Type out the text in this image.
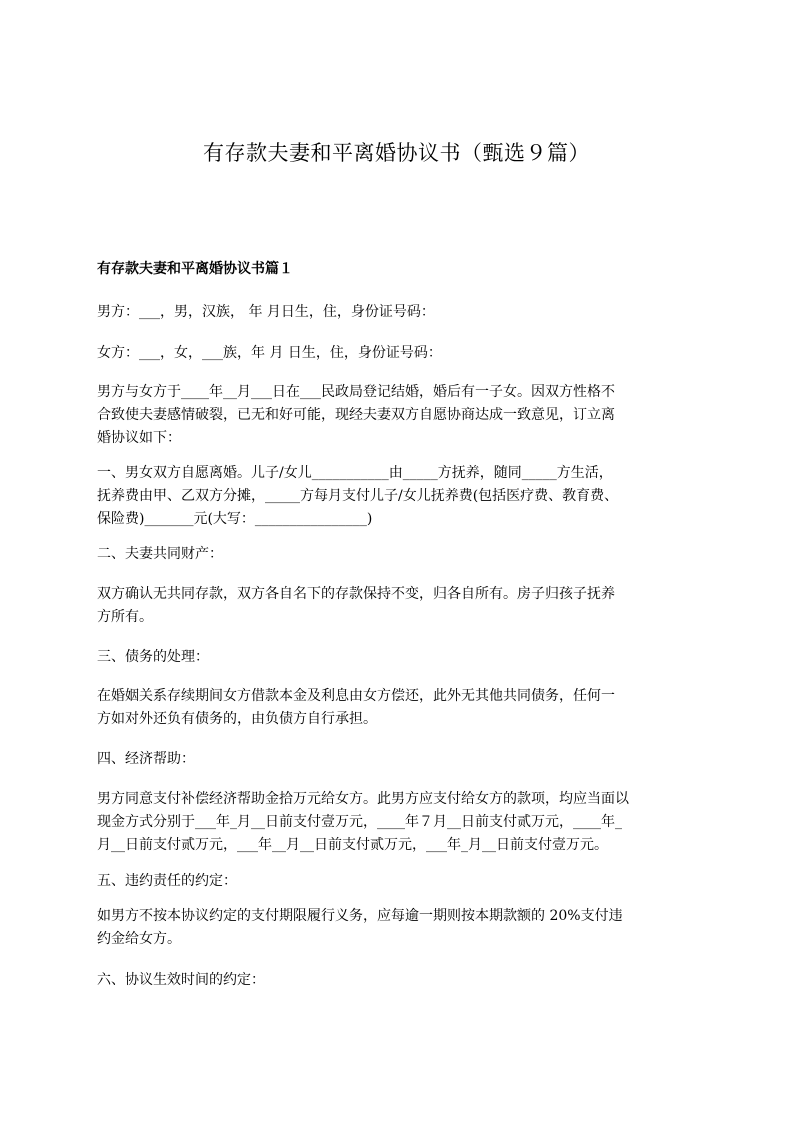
有存款夫妻和平离婚协议书（甄选９篇）
有存款夫妻和平离婚协议书篇１
男方：___，男，汉族， 年 月日生，住，身份证号码：
女方：___，女，___族，年 月 日生，住，身份证号码：
男方与女方于____年__月___日在___民政局登记结婚，婚后有一子女。因双方性格不
合致使夫妻感情破裂，已无和好可能，现经夫妻双方自愿协商达成一致意见，订立离
婚协议如下：
一、男女双方自愿离婚。儿子/女儿___________由_____方抚养，随同_____方生活，
抚养费由甲、乙双方分摊，_____方每月支付儿子/女儿抚养费(包括医疗费、教育费、
保险费)_______元(大写：________________)
二、夫妻共同财产：
双方确认无共同存款，双方各自名下的存款保持不变，归各自所有。房子归孩子抚养
方所有。
三、债务的处理：
在婚姻关系存续期间女方借款本金及利息由女方偿还，此外无其他共同债务，任何一
方如对外还负有债务的，由负债方自行承担。
四、经济帮助：
男方同意支付补偿经济帮助金拾万元给女方。此男方应支付给女方的款项，均应当面以
现金方式分别于___年_月__日前支付壹万元，____年７月__日前支付贰万元，____年_
月__日前支付贰万元，___年__月__日前支付贰万元，___年_月__日前支付壹万元。
五、违约责任的约定：
如男方不按本协议约定的支付期限履行义务，应每逾一期则按本期款额的 20%支付违
约金给女方。
六、协议生效时间的约定：
